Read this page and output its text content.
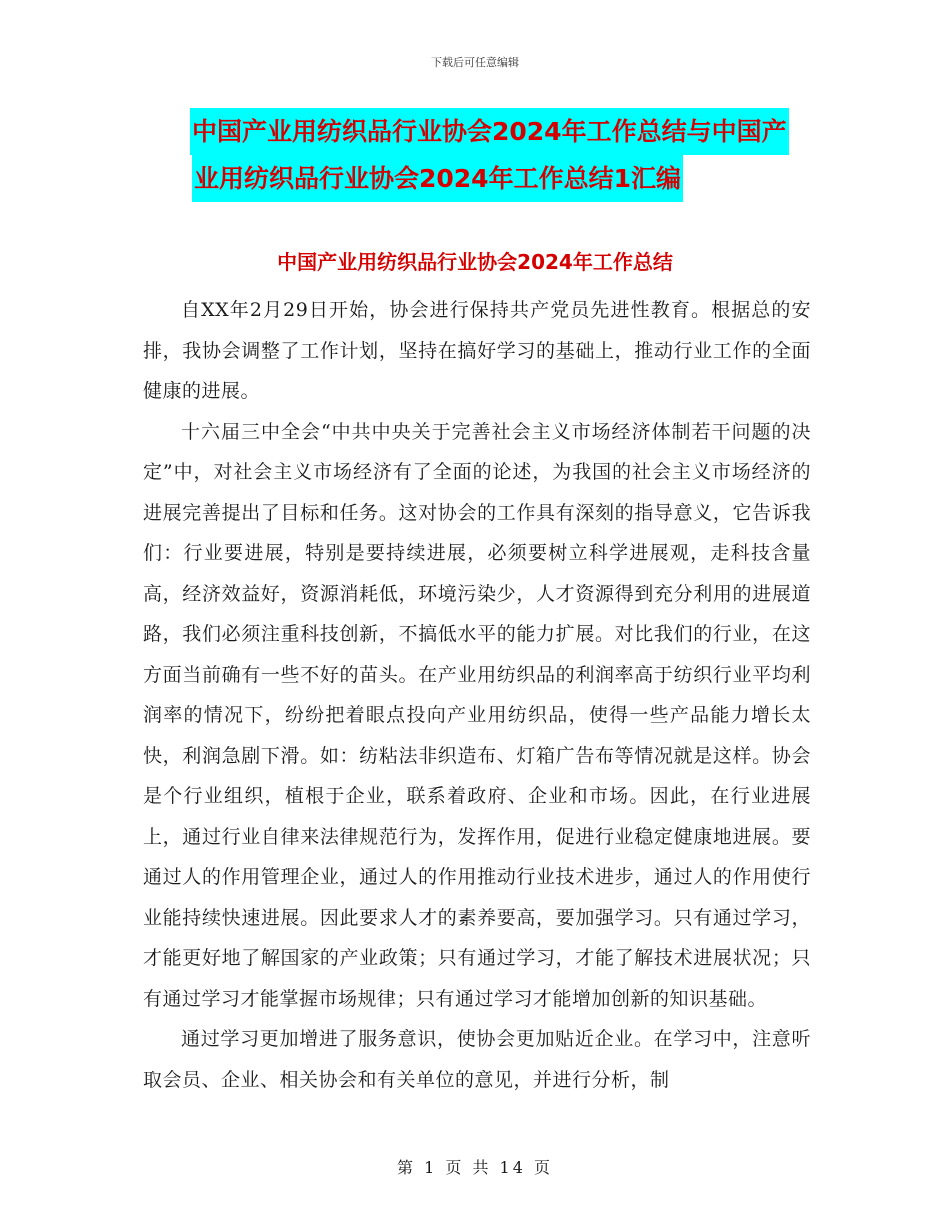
下载后可任意编辑
中国产业用纺织品行业协会2024年工作总结与中国产
业用纺织品行业协会2024年工作总结1汇编
中国产业用纺织品行业协会2024年工作总结

自XX年2月29日开始，协会进行保持共产党员先进性教育。根据总的安排，我协会调整了工作计划，坚持在搞好学习的基础上，推动行业工作的全面健康的进展。

十六届三中全会“中共中央关于完善社会主义市场经济体制若干问题的决定”中，对社会主义市场经济有了全面的论述，为我国的社会主义市场经济的进展完善提出了目标和任务。这对协会的工作具有深刻的指导意义，它告诉我们：行业要进展，特别是要持续进展，必须要树立科学进展观，走科技含量高，经济效益好，资源消耗低，环境污染少，人才资源得到充分利用的进展道路，我们必须注重科技创新，不搞低水平的能力扩展。对比我们的行业，在这方面当前确有一些不好的苗头。在产业用纺织品的利润率高于纺织行业平均利润率的情况下，纷纷把着眼点投向产业用纺织品，使得一些产品能力增长太快，利润急剧下滑。如：纺粘法非织造布、灯箱广告布等情况就是这样。协会是个行业组织，植根于企业，联系着政府、企业和市场。因此，在行业进展上，通过行业自律来法律规范行为，发挥作用，促进行业稳定健康地进展。要通过人的作用管理企业，通过人的作用推动行业技术进步，通过人的作用使行业能持续快速进展。因此要求人才的素养要高，要加强学习。只有通过学习，才能更好地了解国家的产业政策；只有通过学习，才能了解技术进展状况；只有通过学习才能掌握市场规律；只有通过学习才能增加创新的知识基础。

通过学习更加增进了服务意识，使协会更加贴近企业。在学习中，注意听取会员、企业、相关协会和有关单位的意见，并进行分析，制

第 1 页 共 14 页
